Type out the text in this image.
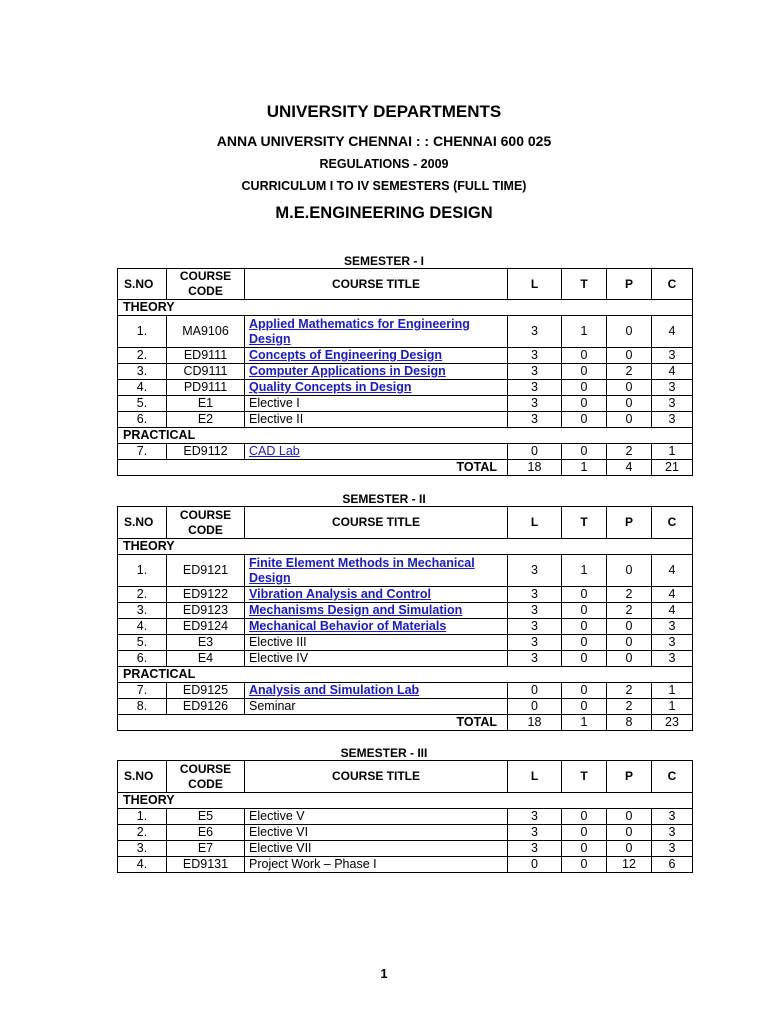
UNIVERSITY DEPARTMENTS
ANNA UNIVERSITY CHENNAI : : CHENNAI 600 025
REGULATIONS - 2009
CURRICULUM I TO IV SEMESTERS (FULL TIME)
M.E.ENGINEERING DESIGN
SEMESTER - I
S.NO	COURSE CODE	COURSE TITLE	L	T	P	C
THEORY						
1.	MA9106	Applied Mathematics for Engineering Design	3	1	0	4
2.	ED9111	Concepts of Engineering Design	3	0	0	3
3.	CD9111	Computer Applications in Design	3	0	2	4
4.	PD9111	Quality Concepts in Design	3	0	0	3
5.	E1	Elective I	3	0	0	3
6.	E2	Elective II	3	0	0	3
PRACTICAL						
7.	ED9112	CAD Lab	0	0	2	1
		TOTAL	18	1	4	21
SEMESTER - II
S.NO	COURSE CODE	COURSE TITLE	L	T	P	C
THEORY						
1.	ED9121	Finite Element Methods in Mechanical Design	3	1	0	4
2.	ED9122	Vibration Analysis and Control	3	0	2	4
3.	ED9123	Mechanisms Design and Simulation	3	0	2	4
4.	ED9124	Mechanical Behavior of Materials	3	0	0	3
5.	E3	Elective III	3	0	0	3
6.	E4	Elective IV	3	0	0	3
PRACTICAL						
7.	ED9125	Analysis and Simulation Lab	0	0	2	1
8.	ED9126	Seminar	0	0	2	1
		TOTAL	18	1	8	23
SEMESTER - III
S.NO	COURSE CODE	COURSE TITLE	L	T	P	C
THEORY						
1.	E5	Elective V	3	0	0	3
2.	E6	Elective VI	3	0	0	3
3.	E7	Elective VII	3	0	0	3
4.	ED9131	Project Work – Phase I	0	0	12	6
1
